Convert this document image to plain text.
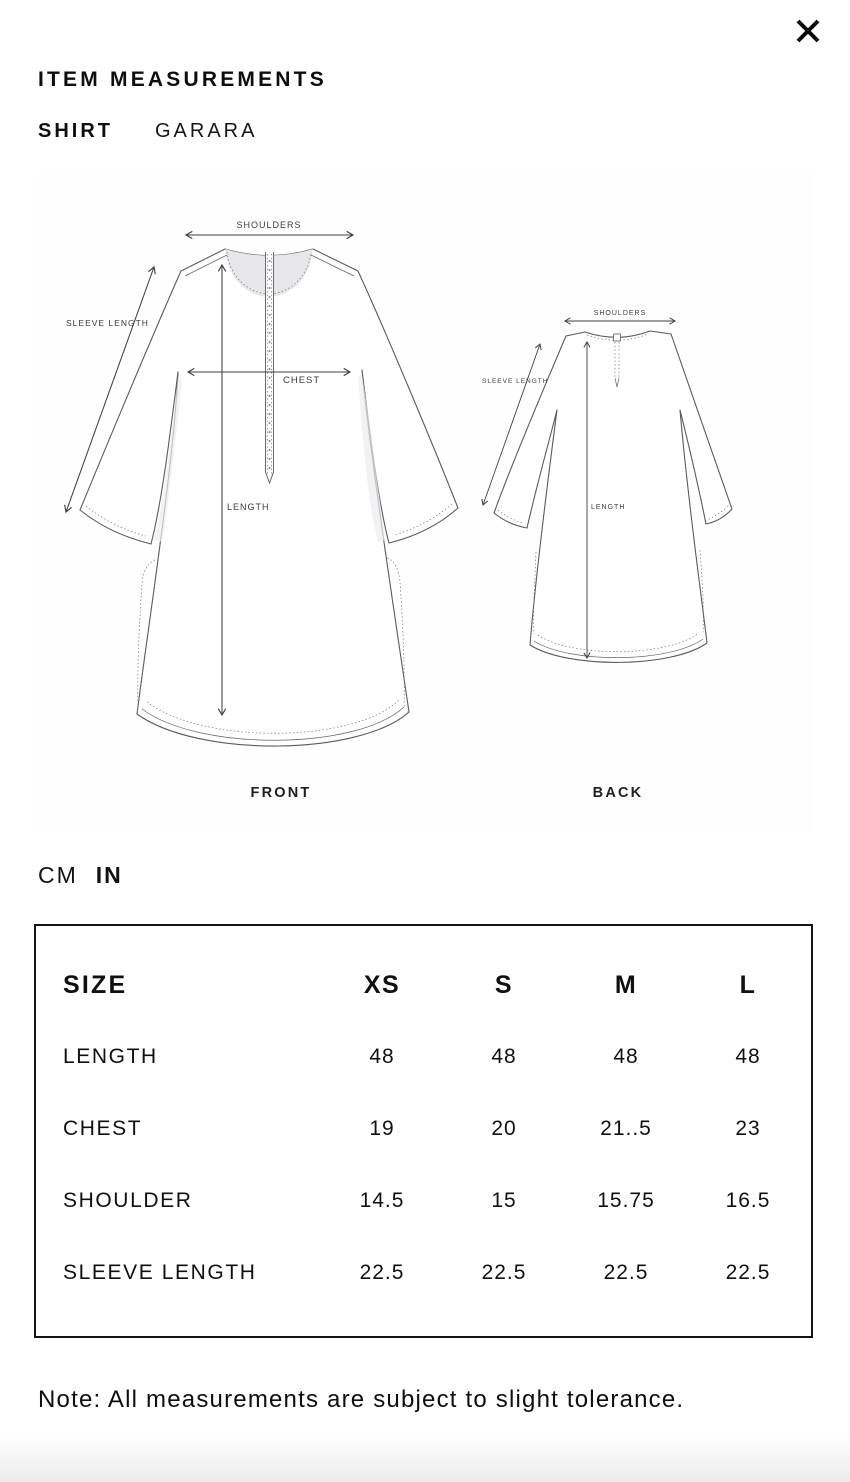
ITEM MEASUREMENTS
SHIRT GARARA
SHOULDERS
SLEEVE LENGTH
CHEST
LENGTH
FRONT
SHOULDERS
SLEEVE LENGTH
LENGTH
BACK
CM IN
SIZE	XS	S	M	L
LENGTH	48	48	48	48
CHEST	19	20	21..5	23
SHOULDER	14.5	15	15.75	16.5
SLEEVE LENGTH	22.5	22.5	22.5	22.5
Note: All measurements are subject to slight tolerance.
